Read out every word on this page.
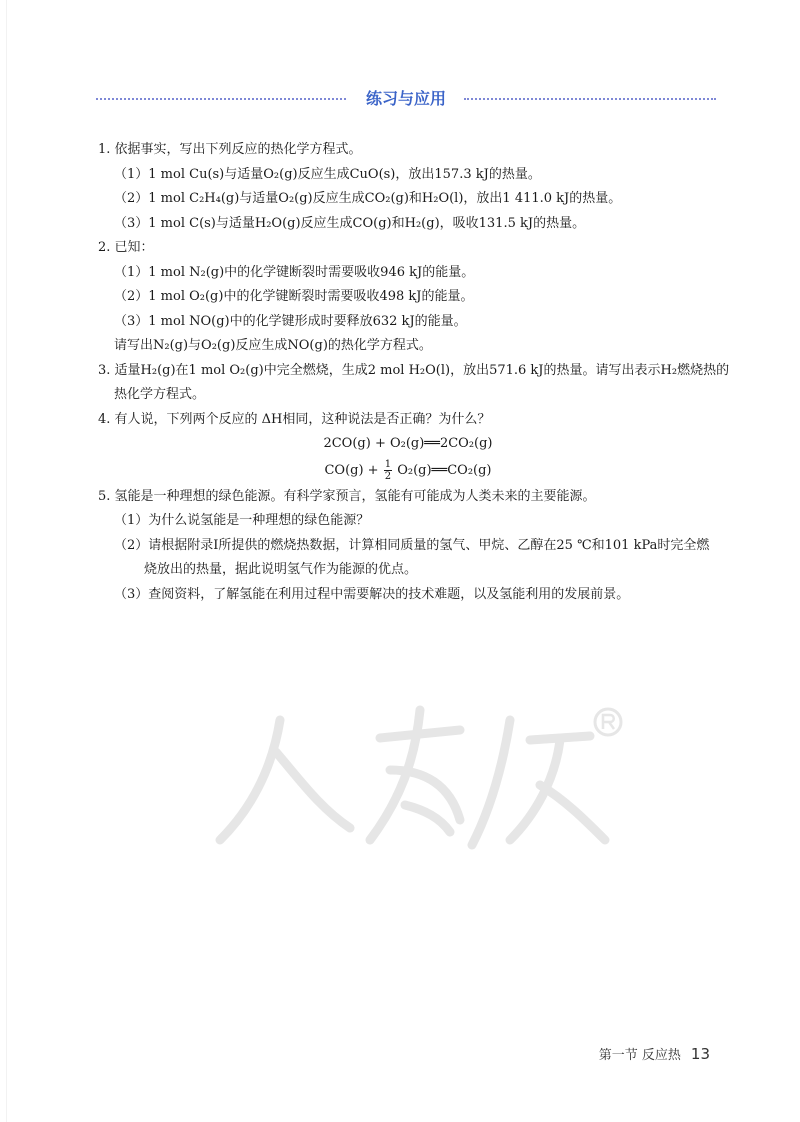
练习与应用
1. 依据事实，写出下列反应的热化学方程式。
（1）1 mol Cu(s)与适量O₂(g)反应生成CuO(s)，放出157.3 kJ的热量。
（2）1 mol C₂H₄(g)与适量O₂(g)反应生成CO₂(g)和H₂O(l)，放出1 411.0 kJ的热量。
（3）1 mol C(s)与适量H₂O(g)反应生成CO(g)和H₂(g)，吸收131.5 kJ的热量。
2. 已知：
（1）1 mol N₂(g)中的化学键断裂时需要吸收946 kJ的能量。
（2）1 mol O₂(g)中的化学键断裂时需要吸收498 kJ的能量。
（3）1 mol NO(g)中的化学键形成时要释放632 kJ的能量。
请写出N₂(g)与O₂(g)反应生成NO(g)的热化学方程式。
3. 适量H₂(g)在1 mol O₂(g)中完全燃烧，生成2 mol H₂O(l)，放出571.6 kJ的热量。请写出表示H₂燃烧热的
热化学方程式。
4. 有人说，下列两个反应的 ΔH相同，这种说法是否正确？为什么？
2CO(g) + O₂(g)══2CO₂(g)
$CO(g) + \frac{1}{2}$ O₂(g)══CO₂(g)
5. 氢能是一种理想的绿色能源。有科学家预言，氢能有可能成为人类未来的主要能源。
（1）为什么说氢能是一种理想的绿色能源？
（2）请根据附录Ⅰ所提供的燃烧热数据，计算相同质量的氢气、甲烷、乙醇在25 ℃和101 kPa时完全燃
烧放出的热量，据此说明氢气作为能源的优点。
（3）查阅资料，了解氢能在利用过程中需要解决的技术难题，以及氢能利用的发展前景。
第一节 反应热 13
